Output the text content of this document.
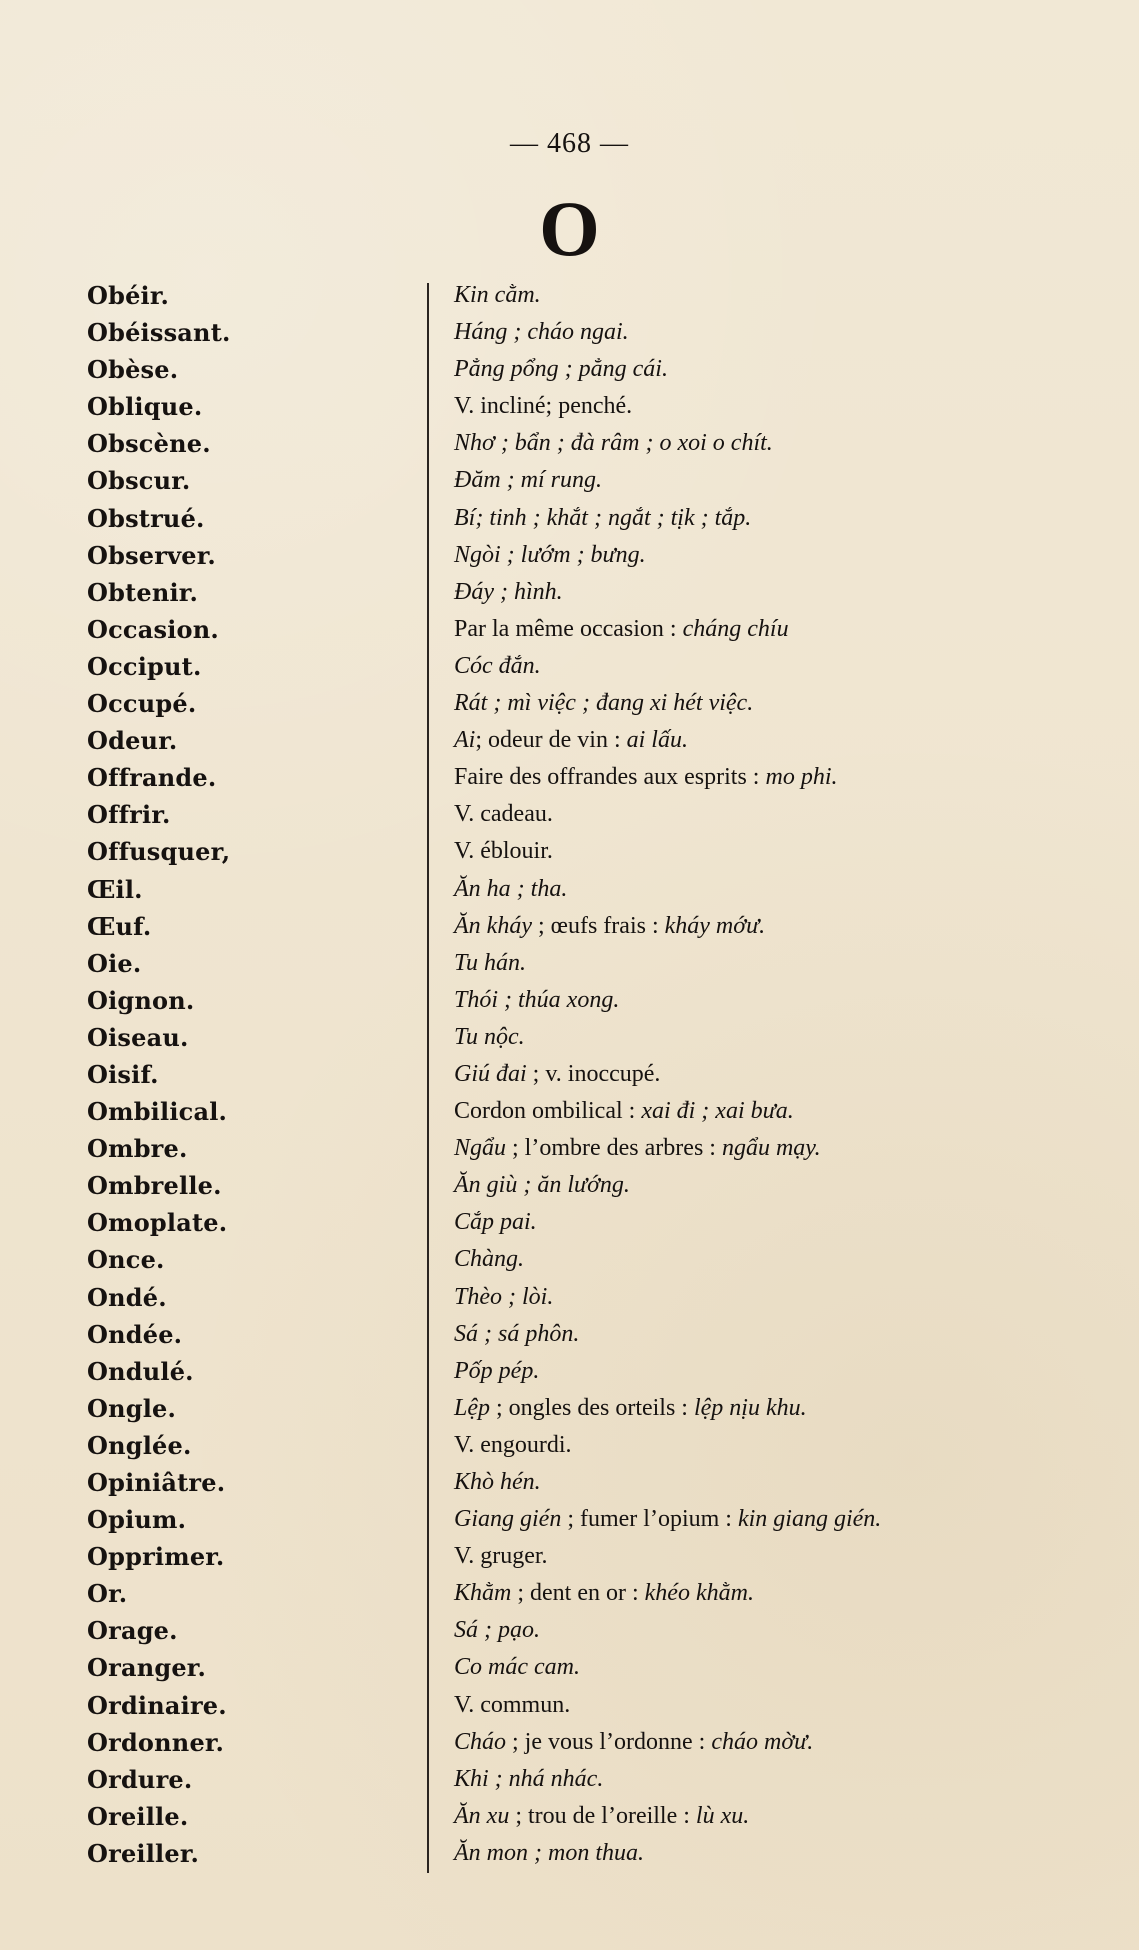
— 468 —
O
Obéir.	Kin cằm.
Obéissant.	Háng ; cháo ngai.
Obèse.	Pẳng pổng ; pẳng cái.
Oblique.	V. incliné; penché.
Obscène.	Nhơ ; bẩn ; đà râm ; o xoi o chít.
Obscur.	Đăm ; mí rung.
Obstrué.	Bí; tinh ; khắt ; ngắt ; tịk ; tắp.
Observer.	Ngòi ; lướm ; bưng.
Obtenir.	Đáy ; hình.
Occasion.	Par la même occasion : cháng chíu
Occiput.	Cóc đắn.
Occupé.	Rát ; mì việc ; đang xi hét việc.
Odeur.	Ai; odeur de vin : ai lấu.
Offrande.	Faire des offrandes aux esprits : mo phi.
Offrir.	V. cadeau.
Offusquer,	V. éblouir.
Œil.	Ăn ha ; tha.
Œuf.	Ăn kháy ; œufs frais : kháy mớư.
Oie.	Tu hán.
Oignon.	Thói ; thúa xong.
Oiseau.	Tu nộc.
Oisif.	Giú đai ; v. inoccupé.
Ombilical.	Cordon ombilical : xai đi ; xai bưa.
Ombre.	Ngẩu ; l’ombre des arbres : ngẩu mạy.
Ombrelle.	Ăn giù ; ăn lướng.
Omoplate.	Cắp pai.
Once.	Chàng.
Ondé.	Thèo ; lòi.
Ondée.	Sá ; sá phôn.
Ondulé.	Pốp pép.
Ongle.	Lệp ; ongles des orteils : lệp nịu khu.
Onglée.	V. engourdi.
Opiniâtre.	Khò hén.
Opium.	Giang gién ; fumer l’opium : kin giang gién.
Opprimer.	V. gruger.
Or.	Khằm ; dent en or : khéo khằm.
Orage.	Sá ; pạo.
Oranger.	Co mác cam.
Ordinaire.	V. commun.
Ordonner.	Cháo ; je vous l’ordonne : cháo mờư.
Ordure.	Khi ; nhá nhác.
Oreille.	Ăn xu ; trou de l’oreille : lù xu.
Oreiller.	Ăn mon ; mon thua.
